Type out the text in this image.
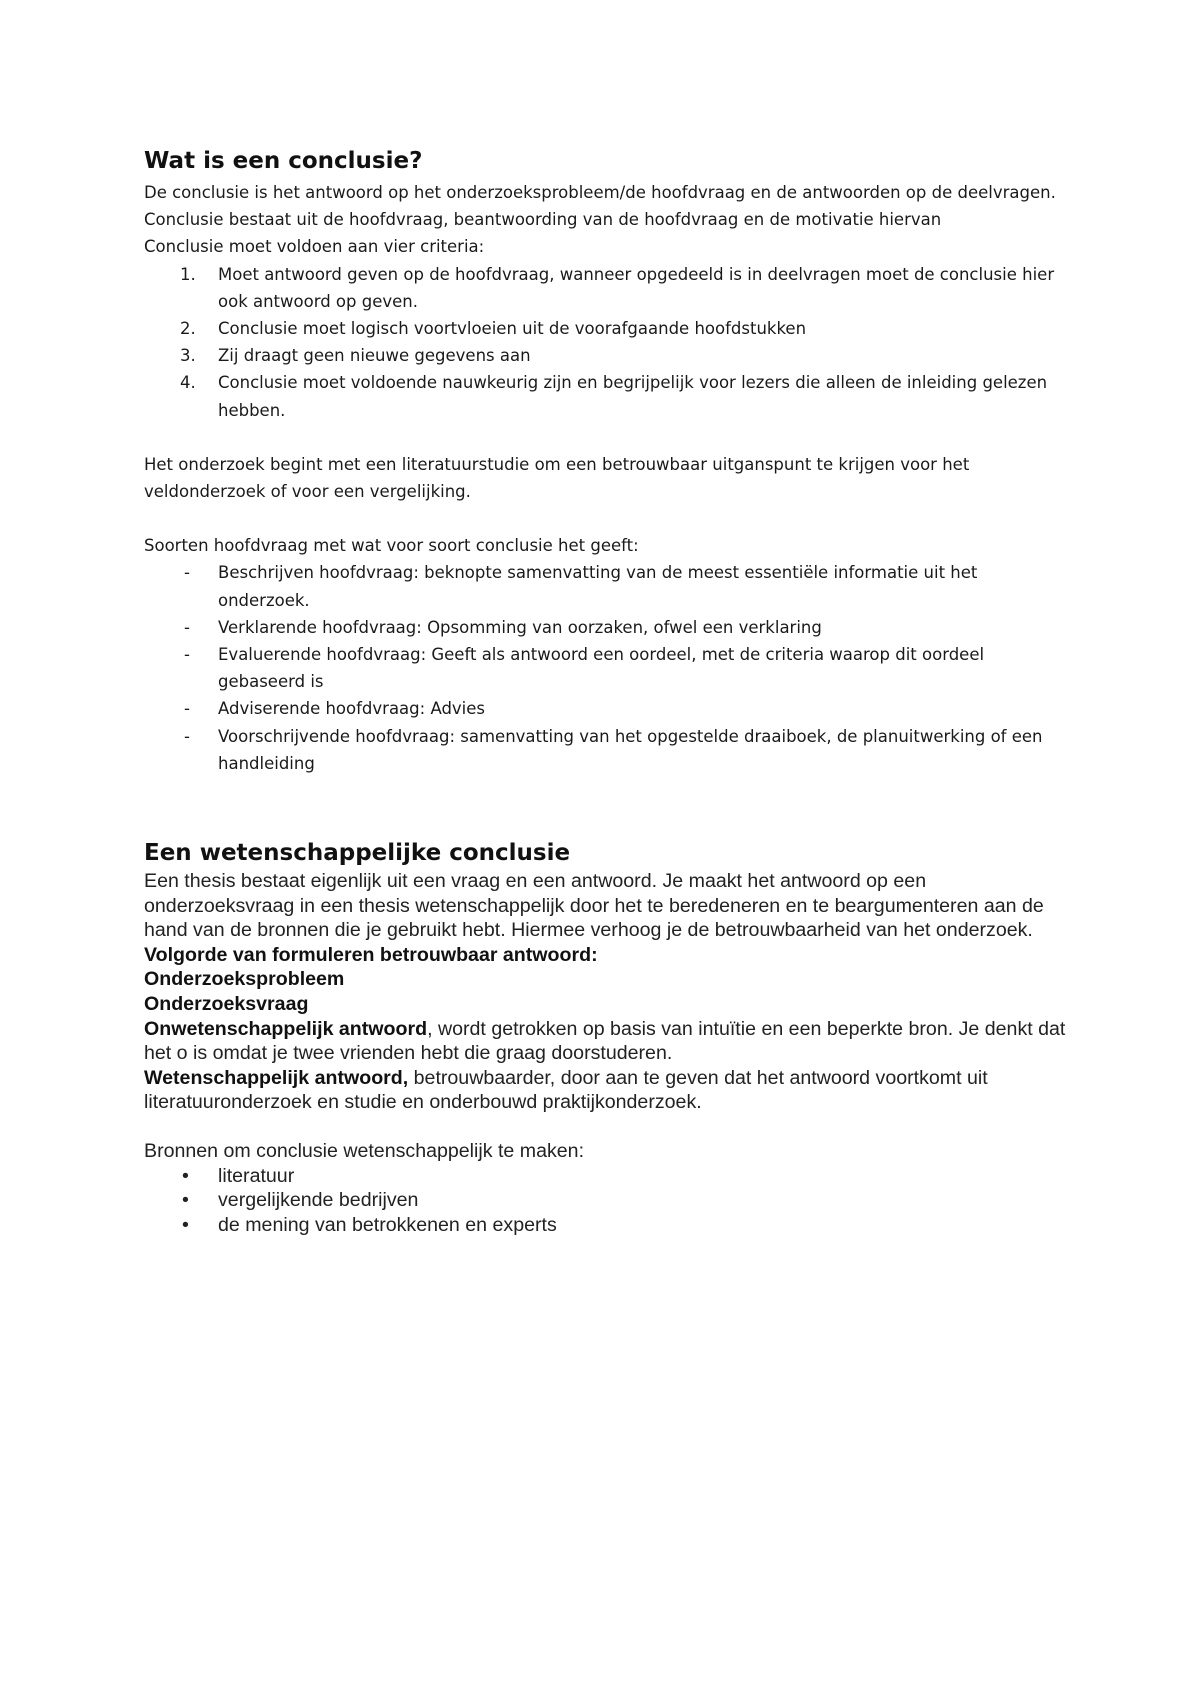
Wat is een conclusie?

De conclusie is het antwoord op het onderzoeksprobleem/de hoofdvraag en de antwoorden op de deelvragen.

Conclusie bestaat uit de hoofdvraag, beantwoording van de hoofdvraag en de motivatie hiervan

Conclusie moet voldoen aan vier criteria:

1. Moet antwoord geven op de hoofdvraag, wanneer opgedeeld is in deelvragen moet de conclusie hier ook antwoord op geven.
2. Conclusie moet logisch voortvloeien uit de voorafgaande hoofdstukken
3. Zij draagt geen nieuwe gegevens aan
4. Conclusie moet voldoende nauwkeurig zijn en begrijpelijk voor lezers die alleen de inleiding gelezen hebben.

Het onderzoek begint met een literatuurstudie om een betrouwbaar uitganspunt te krijgen voor het veldonderzoek of voor een vergelijking.

Soorten hoofdvraag met wat voor soort conclusie het geeft:

- Beschrijven hoofdvraag: beknopte samenvatting van de meest essentiële informatie uit het onderzoek.
- Verklarende hoofdvraag: Opsomming van oorzaken, ofwel een verklaring
- Evaluerende hoofdvraag: Geeft als antwoord een oordeel, met de criteria waarop dit oordeel gebaseerd is
- Adviserende hoofdvraag: Advies
- Voorschrijvende hoofdvraag: samenvatting van het opgestelde draaiboek, de planuitwerking of een handleiding
Een wetenschappelijke conclusie

Een thesis bestaat eigenlijk uit een vraag en een antwoord. Je maakt het antwoord op een onderzoeksvraag in een thesis wetenschappelijk door het te beredeneren en te beargumenteren aan de hand van de bronnen die je gebruikt hebt. Hiermee verhoog je de betrouwbaarheid van het onderzoek.

Volgorde van formuleren betrouwbaar antwoord:

Onderzoeksprobleem

Onderzoeksvraag

Onwetenschappelijk antwoord, wordt getrokken op basis van intuïtie en een beperkte bron. Je denkt dat het o is omdat je twee vrienden hebt die graag doorstuderen.

Wetenschappelijk antwoord, betrouwbaarder, door aan te geven dat het antwoord voortkomt uit literatuuronderzoek en studie en onderbouwd praktijkonderzoek.

Bronnen om conclusie wetenschappelijk te maken:

• literatuur
• vergelijkende bedrijven
• de mening van betrokkenen en experts
